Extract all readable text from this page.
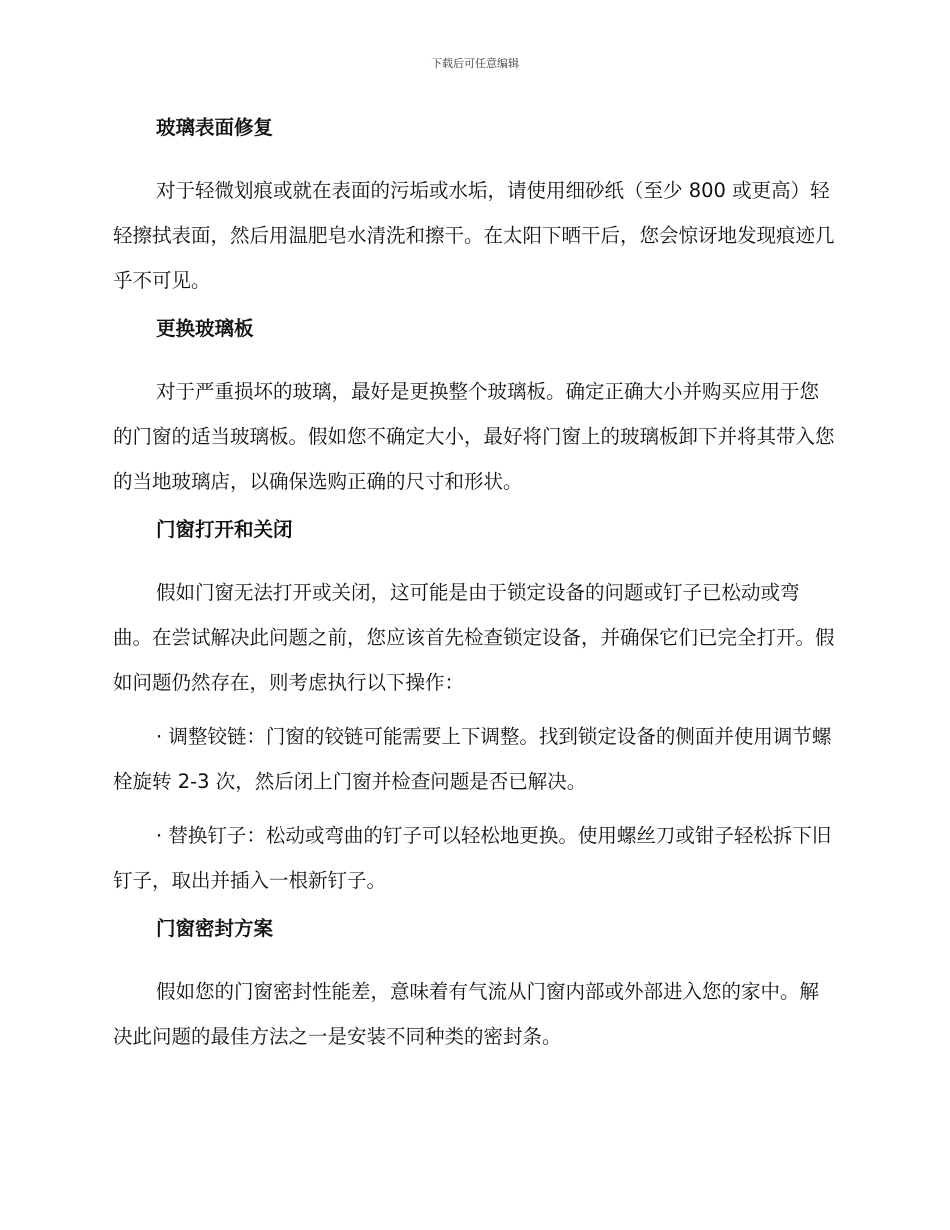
下载后可任意编辑
玻璃表面修复

对于轻微划痕或就在表面的污垢或水垢，请使用细砂纸（至少 800 或更高）轻轻擦拭表面，然后用温肥皂水清洗和擦干。在太阳下晒干后，您会惊讶地发现痕迹几乎不可见。

更换玻璃板

对于严重损坏的玻璃，最好是更换整个玻璃板。确定正确大小并购买应用于您的门窗的适当玻璃板。假如您不确定大小，最好将门窗上的玻璃板卸下并将其带入您的当地玻璃店，以确保选购正确的尺寸和形状。

门窗打开和关闭

假如门窗无法打开或关闭，这可能是由于锁定设备的问题或钉子已松动或弯曲。在尝试解决此问题之前，您应该首先检查锁定设备，并确保它们已完全打开。假如问题仍然存在，则考虑执行以下操作：

· 调整铰链：门窗的铰链可能需要上下调整。找到锁定设备的侧面并使用调节螺栓旋转 2-3 次，然后闭上门窗并检查问题是否已解决。

· 替换钉子：松动或弯曲的钉子可以轻松地更换。使用螺丝刀或钳子轻松拆下旧钉子，取出并插入一根新钉子。

门窗密封方案

假如您的门窗密封性能差，意味着有气流从门窗内部或外部进入您的家中。解决此问题的最佳方法之一是安装不同种类的密封条。
